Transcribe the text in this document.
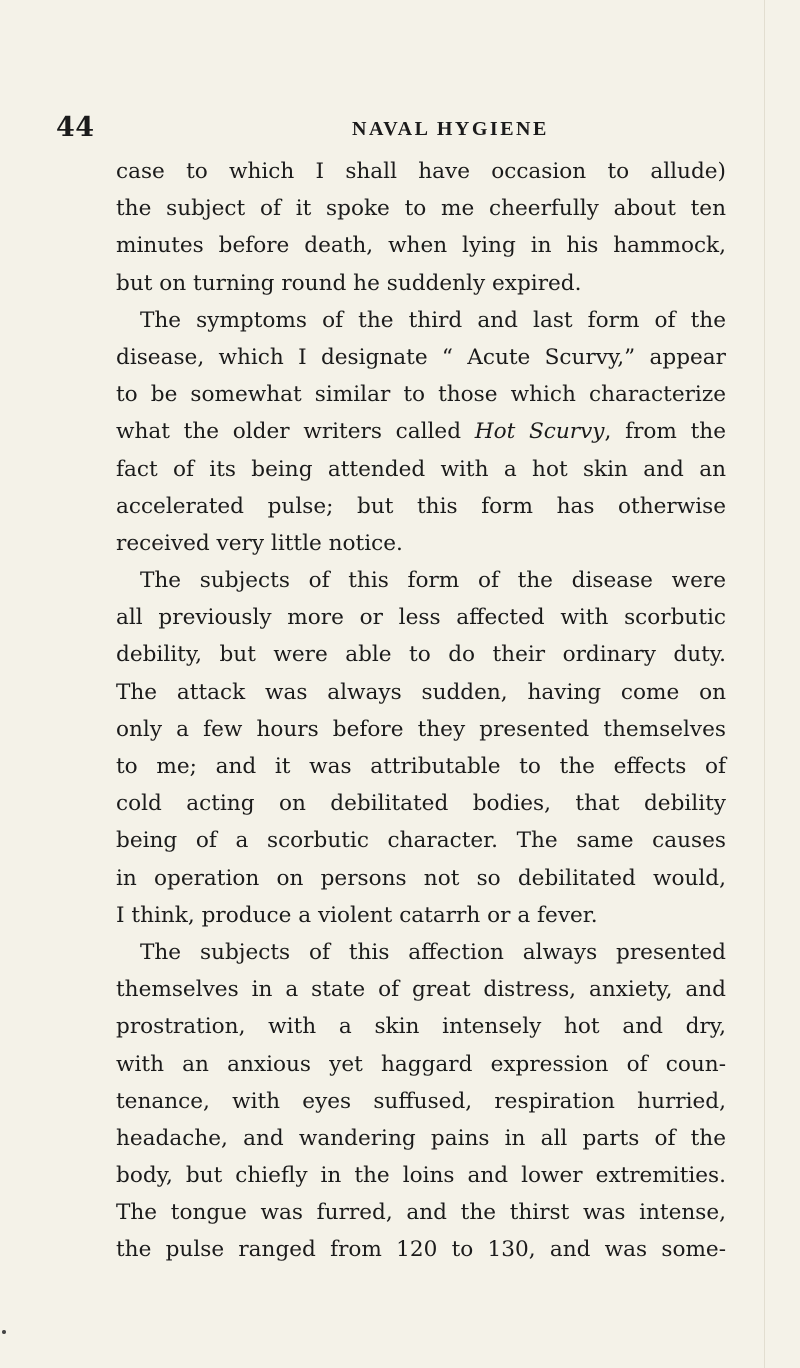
44	NAVAL HYGIENE
case to which I shall have occasion to allude)
the subject of it spoke to me cheerfully about ten
minutes before death, when lying in his hammock,
but on turning round he suddenly expired.
The symptoms of the third and last form of the
disease, which I designate “ Acute Scurvy,” appear
to be somewhat similar to those which characterize
what the older writers called Hot Scurvy, from the
fact of its being attended with a hot skin and an
accelerated pulse; but this form has otherwise
received very little notice.
The subjects of this form of the disease were
all previously more or less affected with scorbutic
debility, but were able to do their ordinary duty.
The attack was always sudden, having come on
only a few hours before they presented themselves
to me; and it was attributable to the effects of
cold acting on debilitated bodies, that debility
being of a scorbutic character. The same causes
in operation on persons not so debilitated would,
I think, produce a violent catarrh or a fever.
The subjects of this affection always presented
themselves in a state of great distress, anxiety, and
prostration, with a skin intensely hot and dry,
with an anxious yet haggard expression of coun-
tenance, with eyes suffused, respiration hurried,
headache, and wandering pains in all parts of the
body, but chiefly in the loins and lower extremities.
The tongue was furred, and the thirst was intense,
the pulse ranged from 120 to 130, and was some-
